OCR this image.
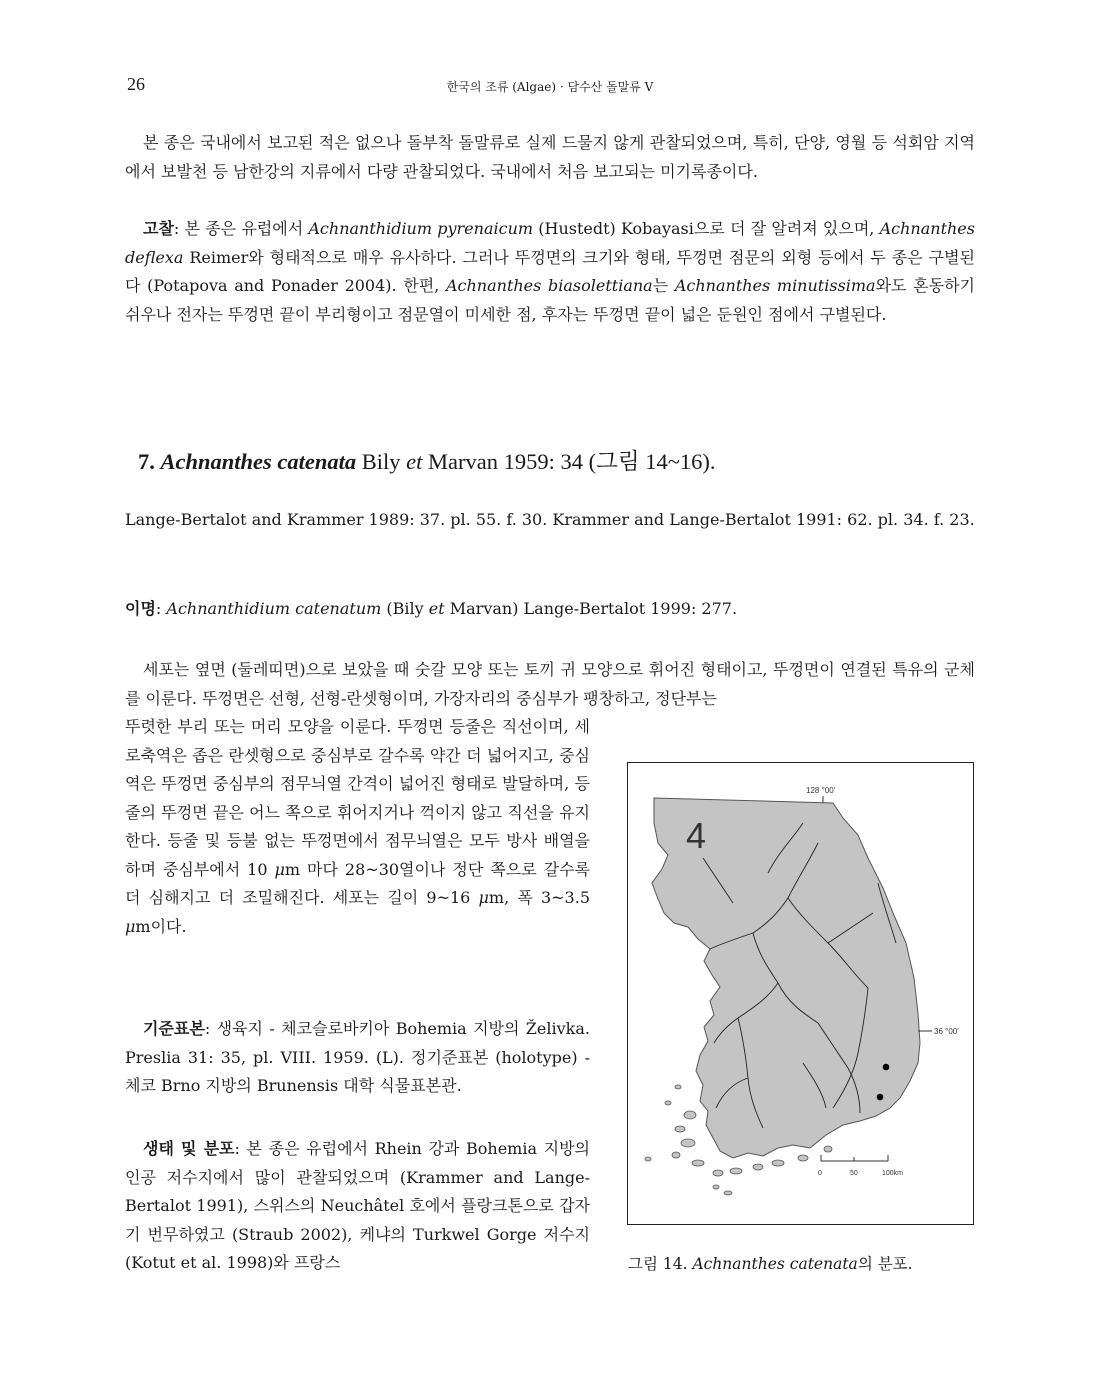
26	한국의 조류 (Algae) · 담수산 돌말류 V

본 종은 국내에서 보고된 적은 없으나 돌부착 돌말류로 실제 드물지 않게 관찰되었으며, 특히, 단양, 영월 등 석회암 지역에서 보발천 등 남한강의 지류에서 다량 관찰되었다. 국내에서 처음 보고되는 미기록종이다.

고찰: 본 종은 유럽에서 Achnanthidium pyrenaicum (Hustedt) Kobayasi으로 더 잘 알려져 있으며, Achnanthes deflexa Reimer와 형태적으로 매우 유사하다. 그러나 뚜껑면의 크기와 형태, 뚜껑면 점문의 외형 등에서 두 종은 구별된다 (Potapova and Ponader 2004). 한편, Achnanthes biasolettiana는 Achnanthes minutissima와도 혼동하기 쉬우나 전자는 뚜껑면 끝이 부리형이고 점문열이 미세한 점, 후자는 뚜껑면 끝이 넓은 둔원인 점에서 구별된다.

7. Achnanthes catenata Bily et Marvan 1959: 34 (그림 14~16).

Lange-Bertalot and Krammer 1989: 37. pl. 55. f. 30. Krammer and Lange-Bertalot 1991: 62. pl. 34. f. 23.

이명: Achnanthidium catenatum (Bily et Marvan) Lange-Bertalot 1999: 277.

세포는 옆면 (둘레띠면)으로 보았을 때 숫갈 모양 또는 토끼 귀 모양으로 휘어진 형태이고, 뚜껑면이 연결된 특유의 군체를 이룬다. 뚜껑면은 선형, 선형-란셋형이며, 가장자리의 중심부가 팽창하고, 정단부는

뚜렷한 부리 또는 머리 모양을 이룬다. 뚜껑면 등줄은 직선이며, 세로축역은 좁은 란셋형으로 중심부로 갈수록 약간 더 넓어지고, 중심역은 뚜껑면 중심부의 점무늬열 간격이 넓어진 형태로 발달하며, 등줄의 뚜껑면 끝은 어느 쪽으로 휘어지거나 꺽이지 않고 직선을 유지한다. 등줄 및 등불 없는 뚜껑면에서 점무늬열은 모두 방사 배열을 하며 중심부에서 10 μm 마다 28~30열이나 정단 쪽으로 갈수록 더 심해지고 더 조밀해진다. 세포는 길이 9~16 μm, 폭 3~3.5 μm이다.

기준표본: 생육지 - 체코슬로바키아 Bohemia 지방의 Želivka. Preslia 31: 35, pl. VIII. 1959. (L). 정기준표본 (holotype) - 체코 Brno 지방의 Brunensis 대학 식물표본관.

생태 및 분포: 본 종은 유럽에서 Rhein 강과 Bohemia 지방의 인공 저수지에서 많이 관찰되었으며 (Krammer and Lange-Bertalot 1991), 스위스의 Neuchâtel 호에서 플랑크톤으로 갑자기 번무하였고 (Straub 2002), 케냐의 Turkwel Gorge 저수지 (Kotut et al. 1998)와 프랑스

4
128 °00'
36 °00'
0	50	100km
그림 14. Achnanthes catenata의 분포.
